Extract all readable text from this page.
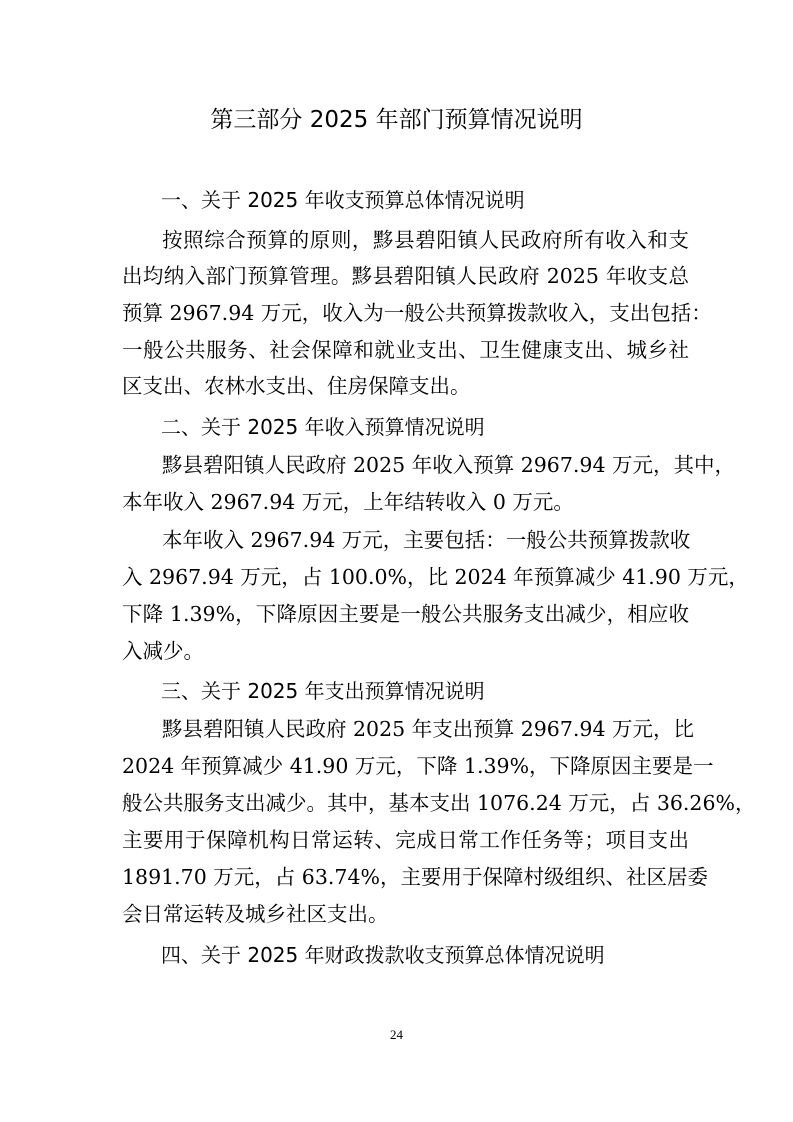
第三部分 2025 年部门预算情况说明
一、关于 2025 年收支预算总体情况说明

按照综合预算的原则，黟县碧阳镇人民政府所有收入和支

出均纳入部门预算管理。黟县碧阳镇人民政府 2025 年收支总

预算 2967.94 万元，收入为一般公共预算拨款收入，支出包括：

一般公共服务、社会保障和就业支出、卫生健康支出、城乡社

区支出、农林水支出、住房保障支出。

二、关于 2025 年收入预算情况说明

黟县碧阳镇人民政府 2025 年收入预算 2967.94 万元，其中，

本年收入 2967.94 万元，上年结转收入 0 万元。

本年收入 2967.94 万元，主要包括：一般公共预算拨款收

入 2967.94 万元，占 100.0%，比 2024 年预算减少 41.90 万元，

下降 1.39%，下降原因主要是一般公共服务支出减少，相应收

入减少。

三、关于 2025 年支出预算情况说明

黟县碧阳镇人民政府 2025 年支出预算 2967.94 万元，比

2024 年预算减少 41.90 万元，下降 1.39%，下降原因主要是一

般公共服务支出减少。其中，基本支出 1076.24 万元，占 36.26%，

主要用于保障机构日常运转、完成日常工作任务等；项目支出

1891.70 万元，占 63.74%，主要用于保障村级组织、社区居委

会日常运转及城乡社区支出。

四、关于 2025 年财政拨款收支预算总体情况说明
24
